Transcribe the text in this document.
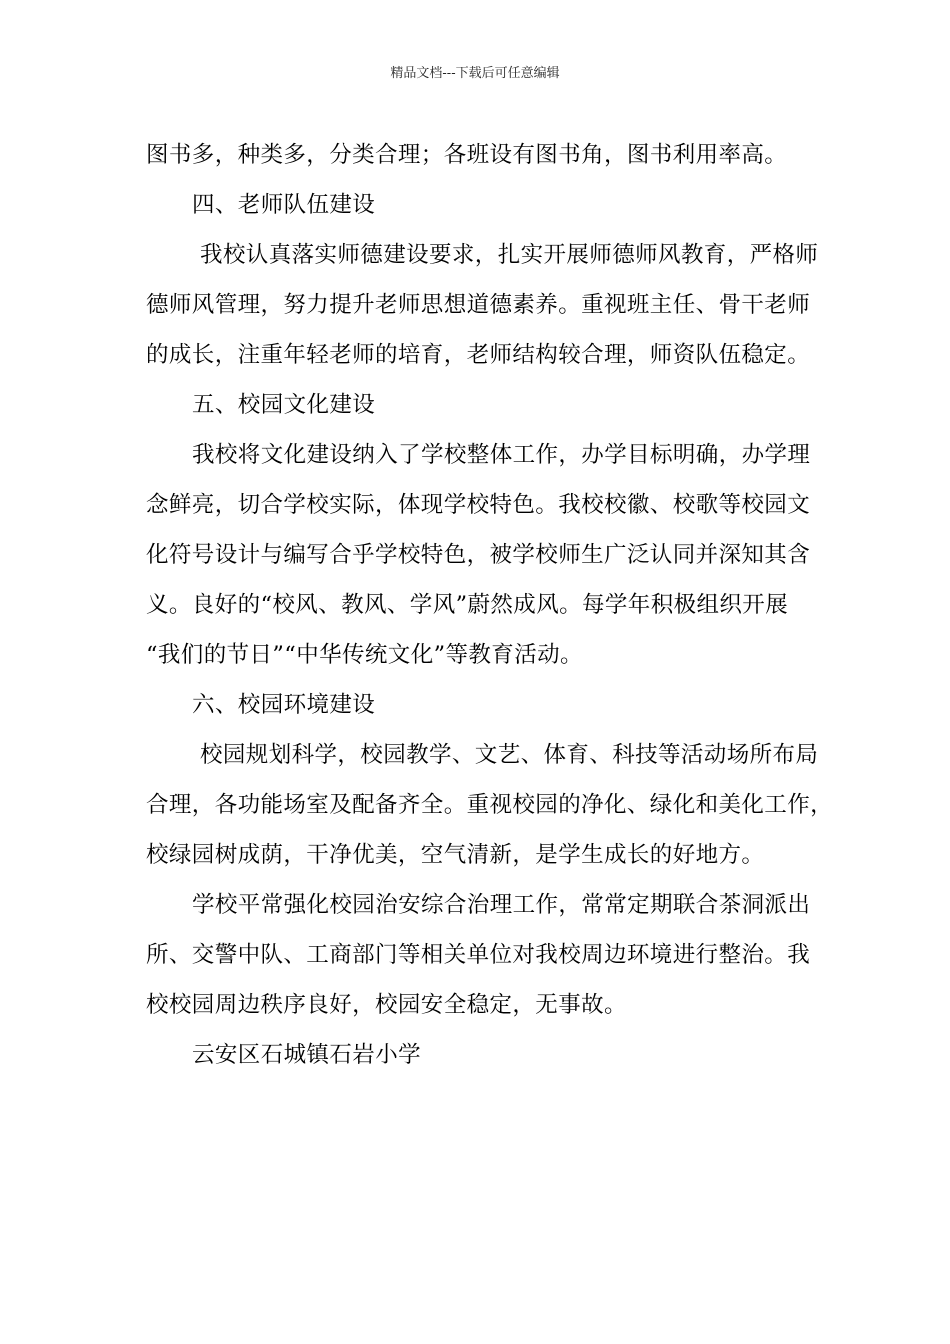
精品文档---下载后可任意编辑
图书多，种类多，分类合理；各班设有图书角，图书利用率高。
四、老师队伍建设
我校认真落实师德建设要求，扎实开展师德师风教育，严格师
德师风管理，努力提升老师思想道德素养。重视班主任、骨干老师
的成长，注重年轻老师的培育，老师结构较合理，师资队伍稳定。
五、校园文化建设
我校将文化建设纳入了学校整体工作，办学目标明确，办学理
念鲜亮，切合学校实际，体现学校特色。我校校徽、校歌等校园文
化符号设计与编写合乎学校特色，被学校师生广泛认同并深知其含
义。良好的“校风、教风、学风”蔚然成风。每学年积极组织开展
“我们的节日”“中华传统文化”等教育活动。
六、校园环境建设
校园规划科学，校园教学、文艺、体育、科技等活动场所布局
合理，各功能场室及配备齐全。重视校园的净化、绿化和美化工作，
校绿园树成荫，干净优美，空气清新，是学生成长的好地方。
学校平常强化校园治安综合治理工作，常常定期联合茶洞派出
所、交警中队、工商部门等相关单位对我校周边环境进行整治。我
校校园周边秩序良好，校园安全稳定，无事故。
云安区石城镇石岩小学
